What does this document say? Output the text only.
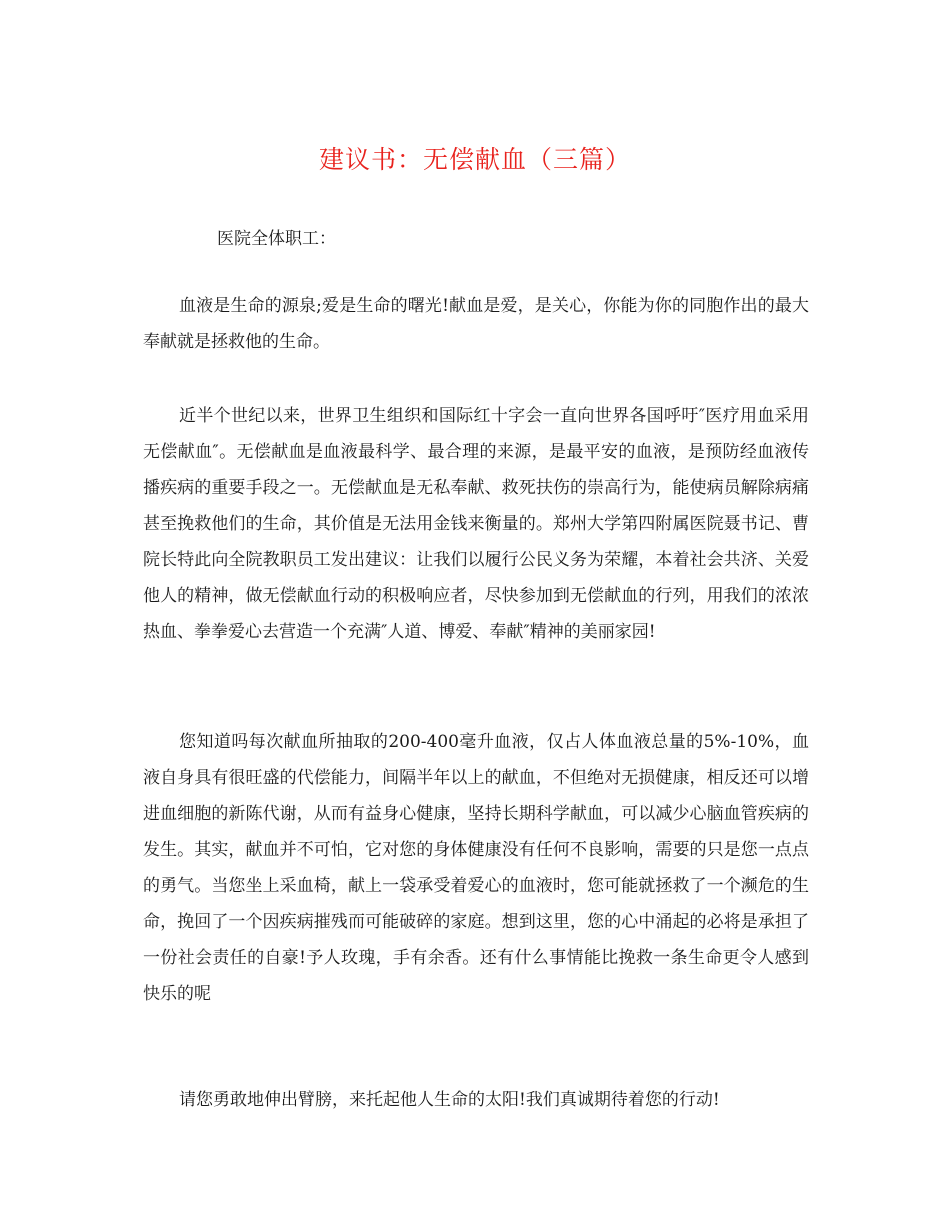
建议书：无偿献血（三篇）

医院全体职工：

血液是生命的源泉;爱是生命的曙光!献血是爱，是关心，你能为你的同胞作出的最大奉献就是拯救他的生命。

近半个世纪以来，世界卫生组织和国际红十字会一直向世界各国呼吁″医疗用血采用无偿献血″。无偿献血是血液最科学、最合理的来源，是最平安的血液，是预防经血液传播疾病的重要手段之一。无偿献血是无私奉献、救死扶伤的崇高行为，能使病员解除病痛甚至挽救他们的生命，其价值是无法用金钱来衡量的。郑州大学第四附属医院聂书记、曹院长特此向全院教职员工发出建议：让我们以履行公民义务为荣耀，本着社会共济、关爱他人的精神，做无偿献血行动的积极响应者，尽快参加到无偿献血的行列，用我们的浓浓热血、拳拳爱心去营造一个充满″人道、博爱、奉献″精神的美丽家园!

您知道吗每次献血所抽取的200-400毫升血液，仅占人体血液总量的5%-10%，血液自身具有很旺盛的代偿能力，间隔半年以上的献血，不但绝对无损健康，相反还可以增进血细胞的新陈代谢，从而有益身心健康，坚持长期科学献血，可以减少心脑血管疾病的发生。其实，献血并不可怕，它对您的身体健康没有任何不良影响，需要的只是您一点点的勇气。当您坐上采血椅，献上一袋承受着爱心的血液时，您可能就拯救了一个濒危的生命，挽回了一个因疾病摧残而可能破碎的家庭。想到这里，您的心中涌起的必将是承担了一份社会责任的自豪!予人玫瑰，手有余香。还有什么事情能比挽救一条生命更令人感到快乐的呢

请您勇敢地伸出臂膀，来托起他人生命的太阳!我们真诚期待着您的行动!
